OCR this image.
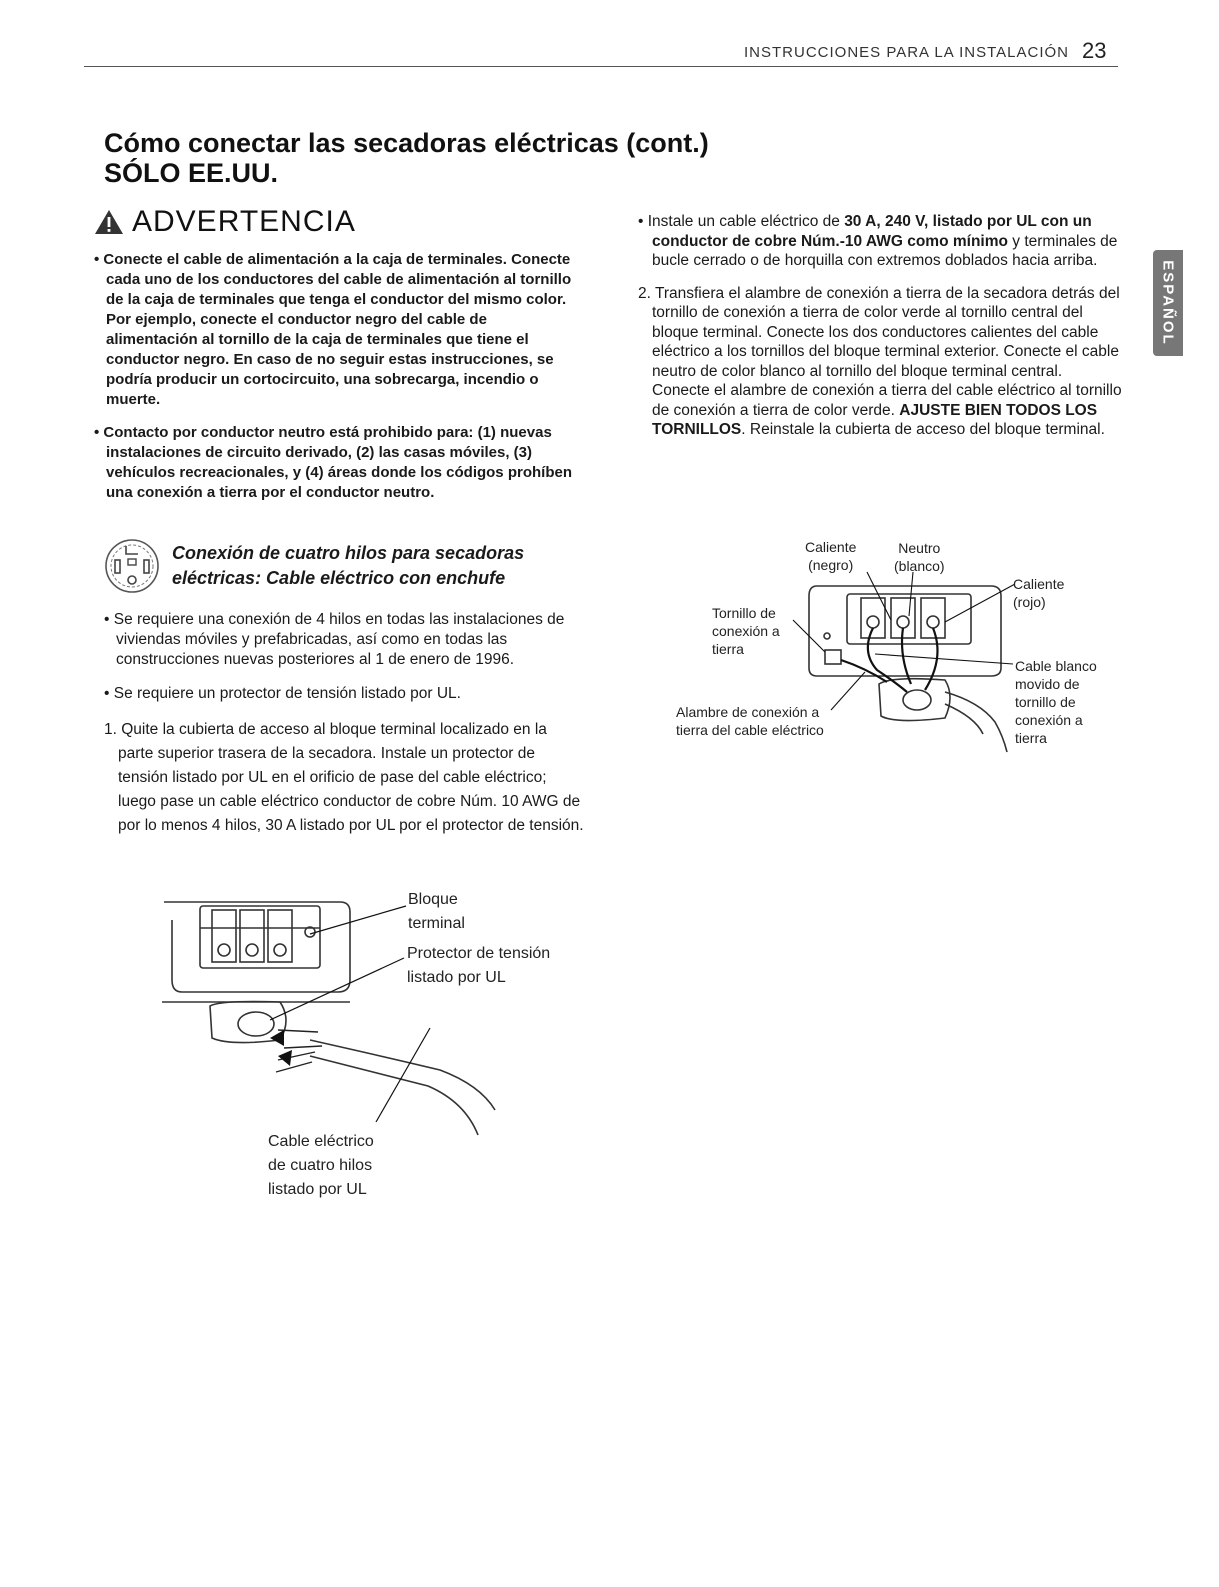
INSTRUCCIONES PARA LA INSTALACIÓN 23
Cómo conectar las secadoras eléctricas (cont.)
SÓLO EE.UU.
ADVERTENCIA

• Conecte el cable de alimentación a la caja de terminales. Conecte cada uno de los conductores del cable de alimentación al tornillo de la caja de terminales que tenga el conductor del mismo color. Por ejemplo, conecte el conductor negro del cable de alimentación al tornillo de la caja de terminales que tiene el conductor negro. En caso de no seguir estas instrucciones, se podría producir un cortocircuito, una sobrecarga, incendio o muerte.

• Contacto por conductor neutro está prohibido para: (1) nuevas instalaciones de circuito derivado, (2) las casas móviles, (3) vehículos recreacionales, y (4) áreas donde los códigos prohíben una conexión a tierra por el conductor neutro.

Conexión de cuatro hilos para secadoras
eléctricas: Cable eléctrico con enchufe

• Se requiere una conexión de 4 hilos en todas las instalaciones de viviendas móviles y prefabricadas, así como en todas las construcciones nuevas posteriores al 1 de enero de 1996.

• Se requiere un protector de tensión listado por UL.

1. Quite la cubierta de acceso al bloque terminal localizado en la parte superior trasera de la secadora. Instale un protector de tensión listado por UL en el orificio de pase del cable eléctrico; luego pase un cable eléctrico conductor de cobre Núm. 10 AWG de por lo menos 4 hilos, 30 A listado por UL por el protector de tensión.

• Instale un cable eléctrico de 30 A, 240 V, listado por UL con un conductor de cobre Núm.-10 AWG como mínimo y terminales de bucle cerrado o de horquilla con extremos doblados hacia arriba.

2. Transfiera el alambre de conexión a tierra de la secadora detrás del tornillo de conexión a tierra de color verde al tornillo central del bloque terminal. Conecte los dos conductores calientes del cable eléctrico a los tornillos del bloque terminal exterior. Conecte el cable neutro de color blanco al tornillo del bloque terminal central. Conecte el alambre de conexión a tierra del cable eléctrico al tornillo de conexión a tierra de color verde. AJUSTE BIEN TODOS LOS TORNILLOS. Reinstale la cubierta de acceso del bloque terminal.

ESPAÑOL
Bloque
terminal
Protector de tensión
listado por UL
Cable eléctrico
de cuatro hilos
listado por UL
Caliente
(negro)
Neutro
(blanco)
Caliente
(rojo)
Tornillo de
conexión a
tierra
Cable blanco
movido de
tornillo de
conexión a
tierra
Alambre de conexión a
tierra del cable eléctrico
